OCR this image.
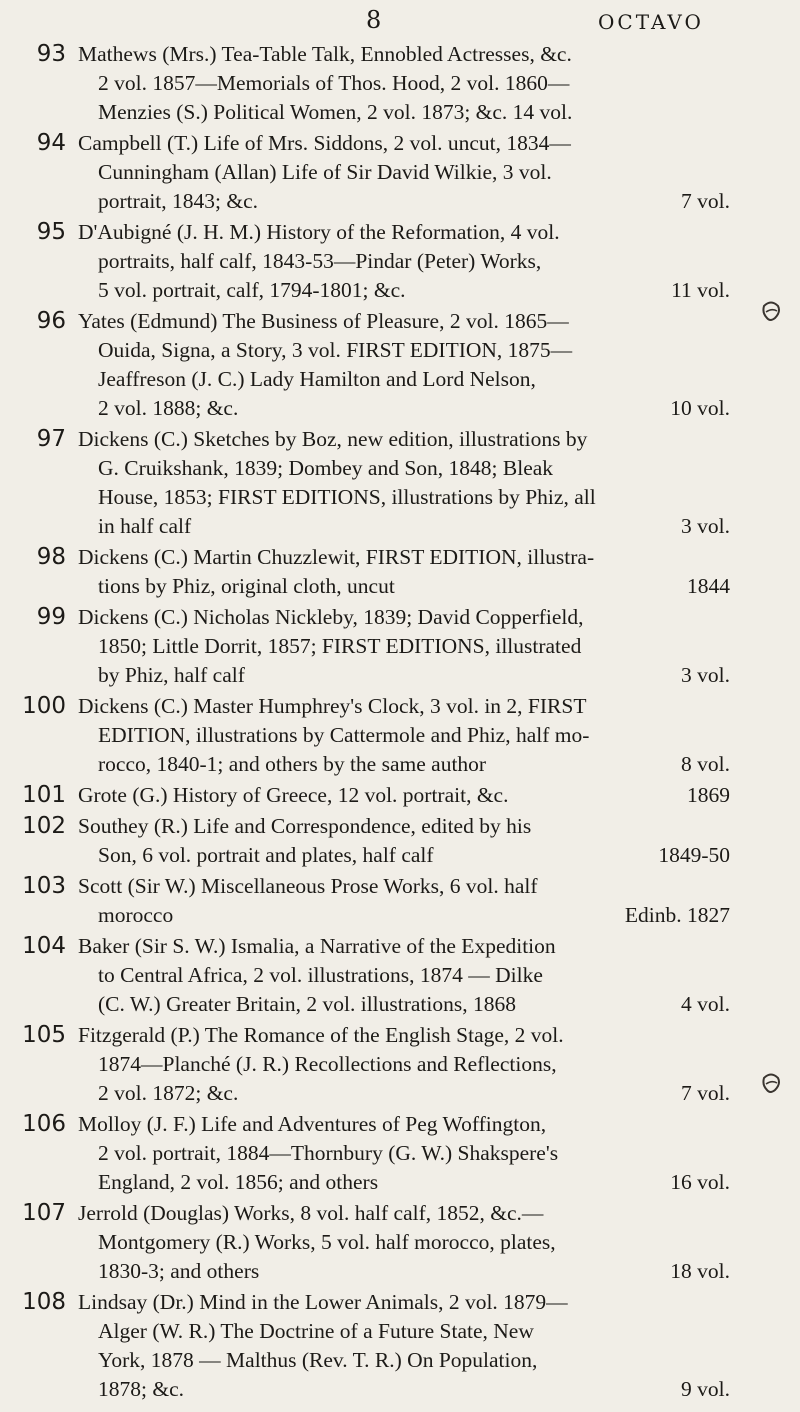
8	OCTAVO
93 Mathews (Mrs.) Tea-Table Talk, Ennobled Actresses, &c.
2 vol. 1857—Memorials of Thos. Hood, 2 vol. 1860—
Menzies (S.) Political Women, 2 vol. 1873; &c. 14 vol.
94 Campbell (T.) Life of Mrs. Siddons, 2 vol. uncut, 1834—
Cunningham (Allan) Life of Sir David Wilkie, 3 vol.
portrait, 1843; &c.	7 vol.
95 D'Aubigné (J. H. M.) History of the Reformation, 4 vol.
portraits, half calf, 1843-53—Pindar (Peter) Works,
5 vol. portrait, calf, 1794-1801; &c.	11 vol.
96 Yates (Edmund) The Business of Pleasure, 2 vol. 1865—
Ouida, Signa, a Story, 3 vol. FIRST EDITION, 1875—
Jeaffreson (J. C.) Lady Hamilton and Lord Nelson,
2 vol. 1888; &c.	10 vol.
97 Dickens (C.) Sketches by Boz, new edition, illustrations by
G. Cruikshank, 1839; Dombey and Son, 1848; Bleak
House, 1853; FIRST EDITIONS, illustrations by Phiz, all
in half calf	3 vol.
98 Dickens (C.) Martin Chuzzlewit, FIRST EDITION, illustra-
tions by Phiz, original cloth, uncut	1844
99 Dickens (C.) Nicholas Nickleby, 1839; David Copperfield,
1850; Little Dorrit, 1857; FIRST EDITIONS, illustrated
by Phiz, half calf	3 vol.
100 Dickens (C.) Master Humphrey's Clock, 3 vol. in 2, FIRST
EDITION, illustrations by Cattermole and Phiz, half mo-
rocco, 1840-1; and others by the same author	8 vol.
101 Grote (G.) History of Greece, 12 vol. portrait, &c.	1869
102 Southey (R.) Life and Correspondence, edited by his
Son, 6 vol. portrait and plates, half calf	1849-50
103 Scott (Sir W.) Miscellaneous Prose Works, 6 vol. half
morocco	Edinb. 1827
104 Baker (Sir S. W.) Ismalia, a Narrative of the Expedition
to Central Africa, 2 vol. illustrations, 1874 — Dilke
(C. W.) Greater Britain, 2 vol. illustrations, 1868	4 vol.
105 Fitzgerald (P.) The Romance of the English Stage, 2 vol.
1874—Planché (J. R.) Recollections and Reflections,
2 vol. 1872; &c.	7 vol.
106 Molloy (J. F.) Life and Adventures of Peg Woffington,
2 vol. portrait, 1884—Thornbury (G. W.) Shakspere's
England, 2 vol. 1856; and others	16 vol.
107 Jerrold (Douglas) Works, 8 vol. half calf, 1852, &c.—
Montgomery (R.) Works, 5 vol. half morocco, plates,
1830-3; and others	18 vol.
108 Lindsay (Dr.) Mind in the Lower Animals, 2 vol. 1879—
Alger (W. R.) The Doctrine of a Future State, New
York, 1878 — Malthus (Rev. T. R.) On Population,
1878; &c.	9 vol.
